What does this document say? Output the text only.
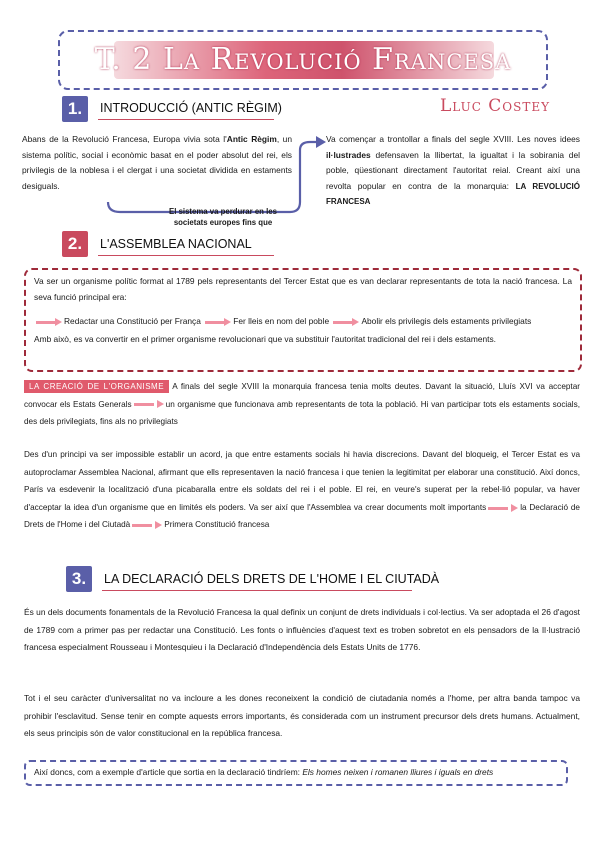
T. 2 La Revolució Francesa
Lluc Costey
1.	INTRODUCCIÓ (ANTIC RÈGIM)
Abans de la Revolució Francesa, Europa vivia sota l'Antic Règim, un sistema polític, social i econòmic basat en el poder absolut del rei, els privilegis de la noblesa i el clergat i una societat dividida en estaments desiguals.
El sistema va perdurar en les societats europes fins que
Va començar a trontollar a finals del segle XVIII. Les noves idees il·lustrades defensaven la llibertat, la igualtat i la sobirania del poble, qüestionant directament l'autoritat reial. Creant així una revolta popular en contra de la monarquia: LA REVOLUCIÓ FRANCESA
2.	L'ASSEMBLEA NACIONAL
Va ser un organisme polític format al 1789 pels representants del Tercer Estat que es van declarar representants de tota la nació francesa. La seva funció principal era:
Redactar una Constitució per França	Fer lleis en nom del poble	Abolir els privilegis dels estaments privilegiats
Amb això, es va convertir en el primer organisme revolucionari que va substituir l'autoritat tradicional del rei i dels estaments.
LA CREACIÓ DE L'ORGANISME A finals del segle XVIII la monarquia francesa tenia molts deutes. Davant la situació, Lluís XVI va acceptar convocar els Estats Generals	un organisme que funcionava amb representants de tota la població. Hi van participar tots els estaments socials, des dels privilegiats, fins als no privilegiats
Des d'un principi va ser impossible establir un acord, ja que entre estaments socials hi havia discrecions. Davant del bloqueig, el Tercer Estat es va autoproclamar Assemblea Nacional, afirmant que ells representaven la nació francesa i que tenien la legitimitat per elaborar una constitució. Així doncs, París va esdevenir la localització d'una picabaralla entre els soldats del rei i el poble. El rei, en veure's superat per la rebel·lió popular, va haver d'acceptar la idea d'un organisme que en limités els poders. Va ser així que l'Assemblea va crear documents molt importants	la Declaració de Drets de l'Home i del Ciutadà	Primera Constitució francesa
3.	LA DECLARACIÓ DELS DRETS DE L'HOME I EL CIUTADÀ
És un dels documents fonamentals de la Revolució Francesa la qual definix un conjunt de drets individuals i col·lectius. Va ser adoptada el 26 d'agost de 1789 com a primer pas per redactar una Constitució. Les fonts o influències d'aquest text es troben sobretot en els pensadors de la Il·lustració francesa especialment Rousseau i Montesquieu i la Declaració d'Independència dels Estats Units de 1776.
Tot i el seu caràcter d'universalitat no va incloure a les dones reconeixent la condició de ciutadania només a l'home, per altra banda tampoc va prohibir l'esclavitud. Sense tenir en compte aquests errors importants, és considerada com un instrument precursor dels drets humans. Actualment, els seus principis són de valor constitucional en la república francesa.
Així doncs, com a exemple d'article que sortia en la declaració tindríem: Els homes neixen i romanen lliures i iguals en drets
